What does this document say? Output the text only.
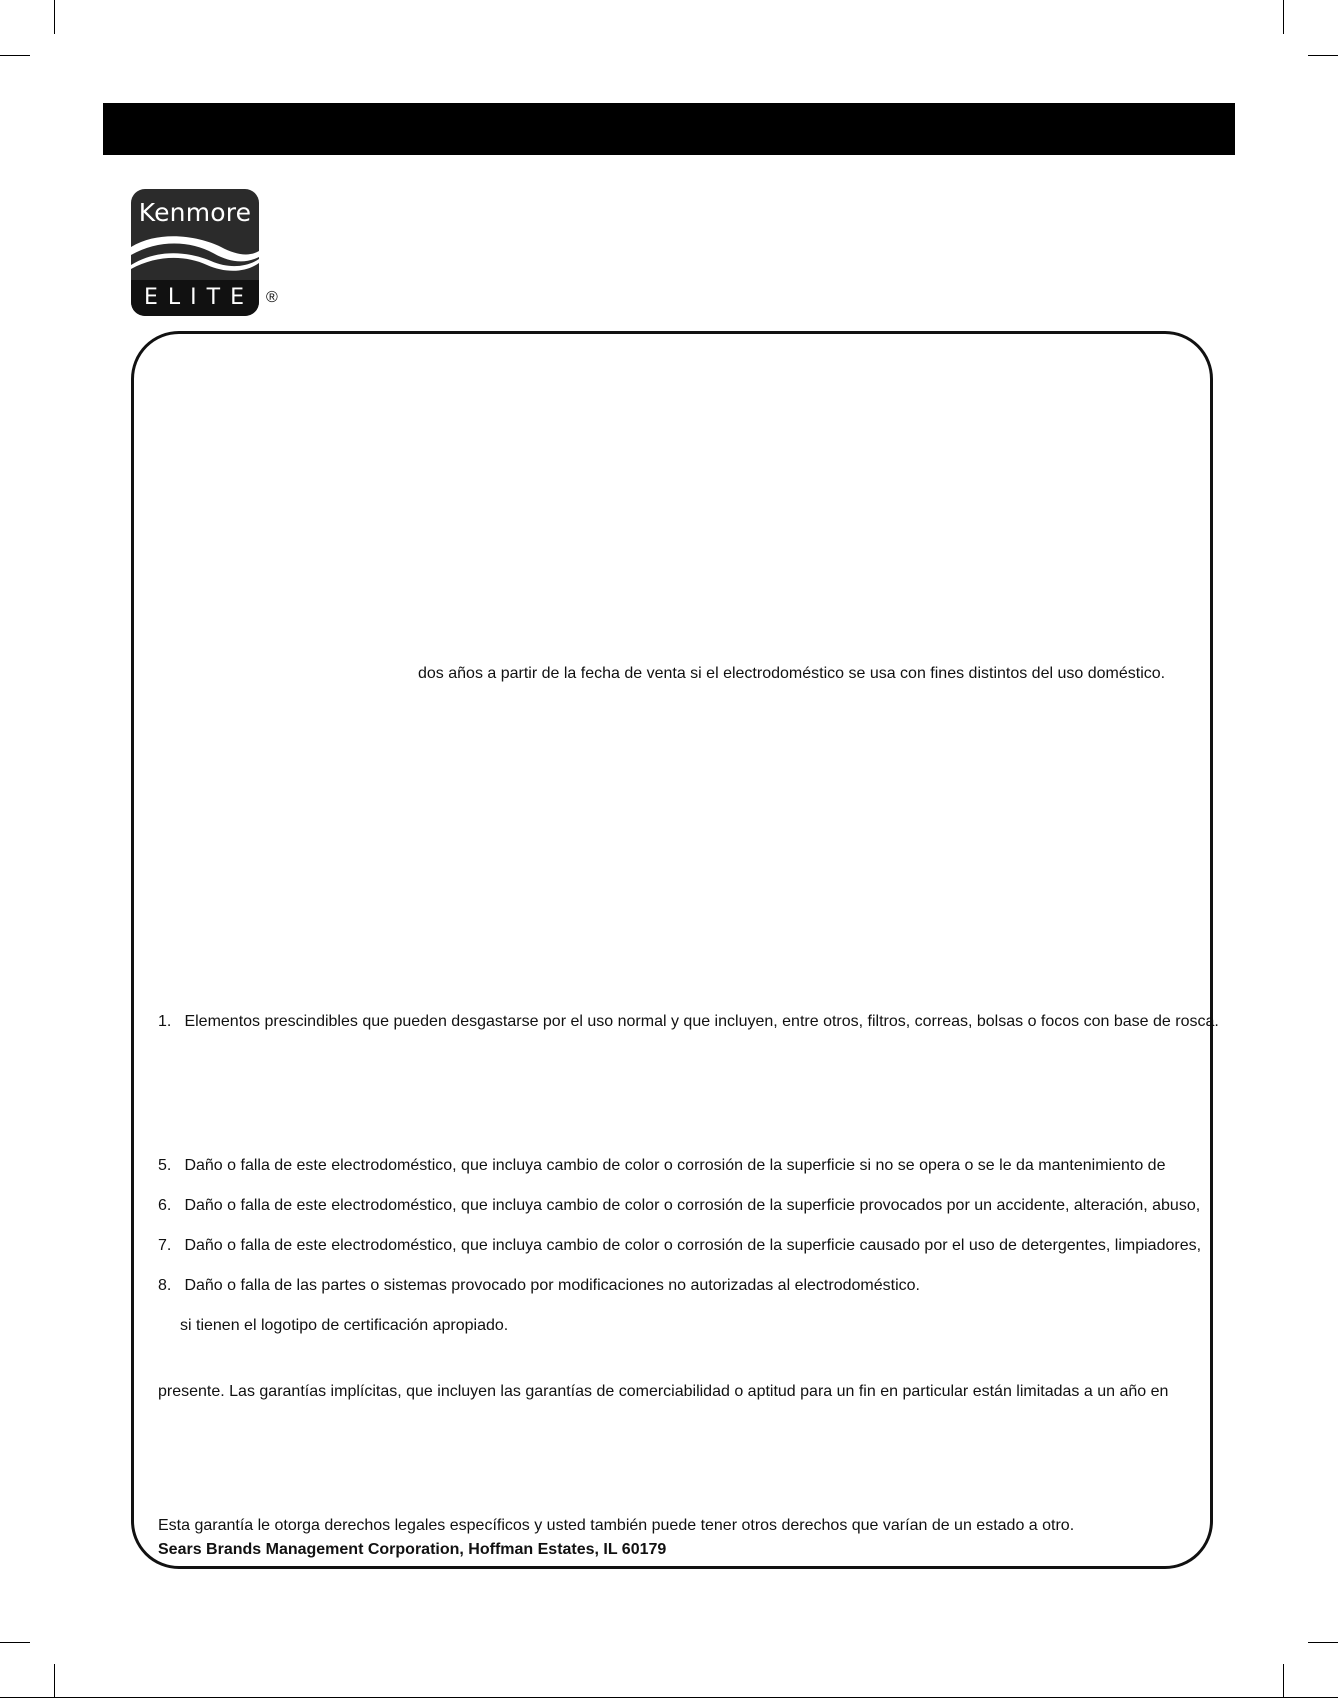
Kenmore
ELITE ®
dos años a partir de la fecha de venta si el electrodoméstico se usa con fines distintos del uso doméstico.
1. Elementos prescindibles que pueden desgastarse por el uso normal y que incluyen, entre otros, filtros, correas, bolsas o focos con base de rosca.
5. Daño o falla de este electrodoméstico, que incluya cambio de color o corrosión de la superficie si no se opera o se le da mantenimiento de
6. Daño o falla de este electrodoméstico, que incluya cambio de color o corrosión de la superficie provocados por un accidente, alteración, abuso,
7. Daño o falla de este electrodoméstico, que incluya cambio de color o corrosión de la superficie causado por el uso de detergentes, limpiadores,
8. Daño o falla de las partes o sistemas provocado por modificaciones no autorizadas al electrodoméstico.
si tienen el logotipo de certificación apropiado.
presente. Las garantías implícitas, que incluyen las garantías de comerciabilidad o aptitud para un fin en particular están limitadas a un año en
Esta garantía le otorga derechos legales específicos y usted también puede tener otros derechos que varían de un estado a otro.
Sears Brands Management Corporation, Hoffman Estates, IL 60179
